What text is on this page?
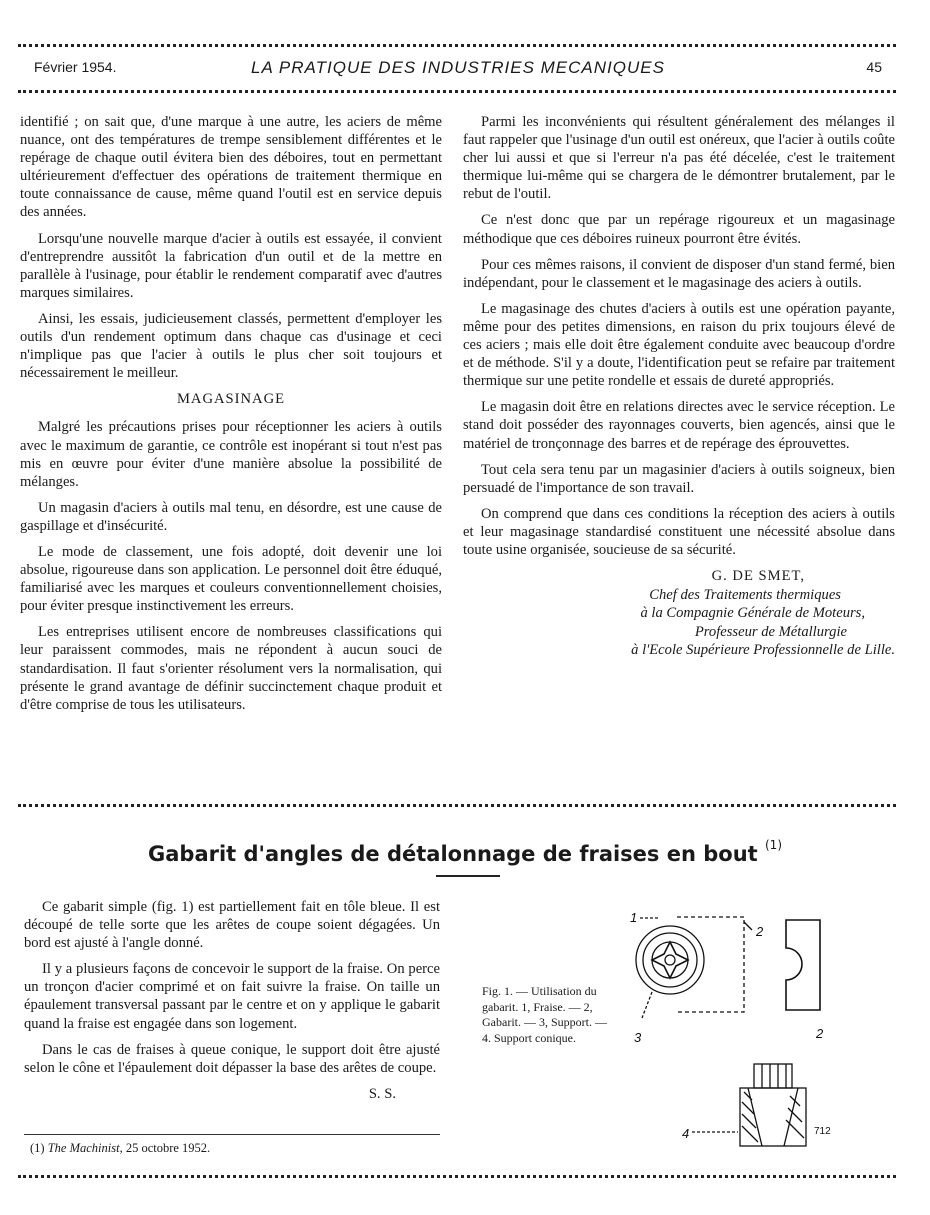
Février 1954.	LA PRATIQUE DES INDUSTRIES MECANIQUES	45

identifié ; on sait que, d'une marque à une autre, les aciers de même nuance, ont des températures de trempe sensiblement différentes et le repérage de chaque outil évitera bien des déboires, tout en permettant ultérieurement d'effectuer des opérations de traitement thermique en toute connaissance de cause, même quand l'outil est en service depuis des années.

Lorsqu'une nouvelle marque d'acier à outils est essayée, il convient d'entreprendre aussitôt la fabrication d'un outil et de la mettre en parallèle à l'usinage, pour établir le rendement comparatif avec d'autres marques similaires.

Ainsi, les essais, judicieusement classés, permettent d'employer les outils d'un rendement optimum dans chaque cas d'usinage et ceci n'implique pas que l'acier à outils le plus cher soit toujours et nécessairement le meilleur.

MAGASINAGE

Malgré les précautions prises pour réceptionner les aciers à outils avec le maximum de garantie, ce contrôle est inopérant si tout n'est pas mis en œuvre pour éviter d'une manière absolue la possibilité de mélanges.

Un magasin d'aciers à outils mal tenu, en désordre, est une cause de gaspillage et d'insécurité.

Le mode de classement, une fois adopté, doit devenir une loi absolue, rigoureuse dans son application. Le personnel doit être éduqué, familiarisé avec les marques et couleurs conventionnellement choisies, pour éviter presque instinctivement les erreurs.

Les entreprises utilisent encore de nombreuses classifications qui leur paraissent commodes, mais ne répondent à aucun souci de standardisation. Il faut s'orienter résolument vers la normalisation, qui présente le grand avantage de définir succinctement chaque produit et d'être comprise de tous les utilisateurs.

Parmi les inconvénients qui résultent généralement des mélanges il faut rappeler que l'usinage d'un outil est onéreux, que l'acier à outils coûte cher lui aussi et que si l'erreur n'a pas été décelée, c'est le traitement thermique lui-même qui se chargera de le démontrer brutalement, par le rebut de l'outil.

Ce n'est donc que par un repérage rigoureux et un magasinage méthodique que ces déboires ruineux pourront être évités.

Pour ces mêmes raisons, il convient de disposer d'un stand fermé, bien indépendant, pour le classement et le magasinage des aciers à outils.

Le magasinage des chutes d'aciers à outils est une opération payante, même pour des petites dimensions, en raison du prix toujours élevé de ces aciers ; mais elle doit être également conduite avec beaucoup d'ordre et de méthode. S'il y a doute, l'identification peut se refaire par traitement thermique sur une petite rondelle et essais de dureté appropriés.

Le magasin doit être en relations directes avec le service réception. Le stand doit posséder des rayonnages couverts, bien agencés, ainsi que le matériel de tronçonnage des barres et de repérage des éprouvettes.

Tout cela sera tenu par un magasinier d'aciers à outils soigneux, bien persuadé de l'importance de son travail.

On comprend que dans ces conditions la réception des aciers à outils et leur magasinage standardisé constituent une nécessité absolue dans toute usine organisée, soucieuse de sa sécurité.

G. DE SMET,
Chef des Traitements thermiques
à la Compagnie Générale de Moteurs,
Professeur de Métallurgie
à l'Ecole Supérieure Professionnelle de Lille.

Gabarit d'angles de détalonnage de fraises en bout $^{(1)}$

Ce gabarit simple (fig. 1) est partiellement fait en tôle bleue. Il est découpé de telle sorte que les arêtes de coupe soient dégagées. Un bord est ajusté à l'angle donné.

Il y a plusieurs façons de concevoir le support de la fraise. On perce un tronçon d'acier comprimé et on fait suivre la fraise. On taille un épaulement transversal passant par le centre et on y applique le gabarit quand la fraise est engagée dans son logement.

Dans le cas de fraises à queue conique, le support doit être ajusté selon le cône et l'épaulement doit dépasser la base des arêtes de coupe.

S. S.

(1) The Machinist, 25 octobre 1952.
Fig. 1. — Utilisation du gabarit. 1, Fraise. — 2, Gabarit. — 3, Support. — 4. Support conique.
1
2
3	2
4	712
